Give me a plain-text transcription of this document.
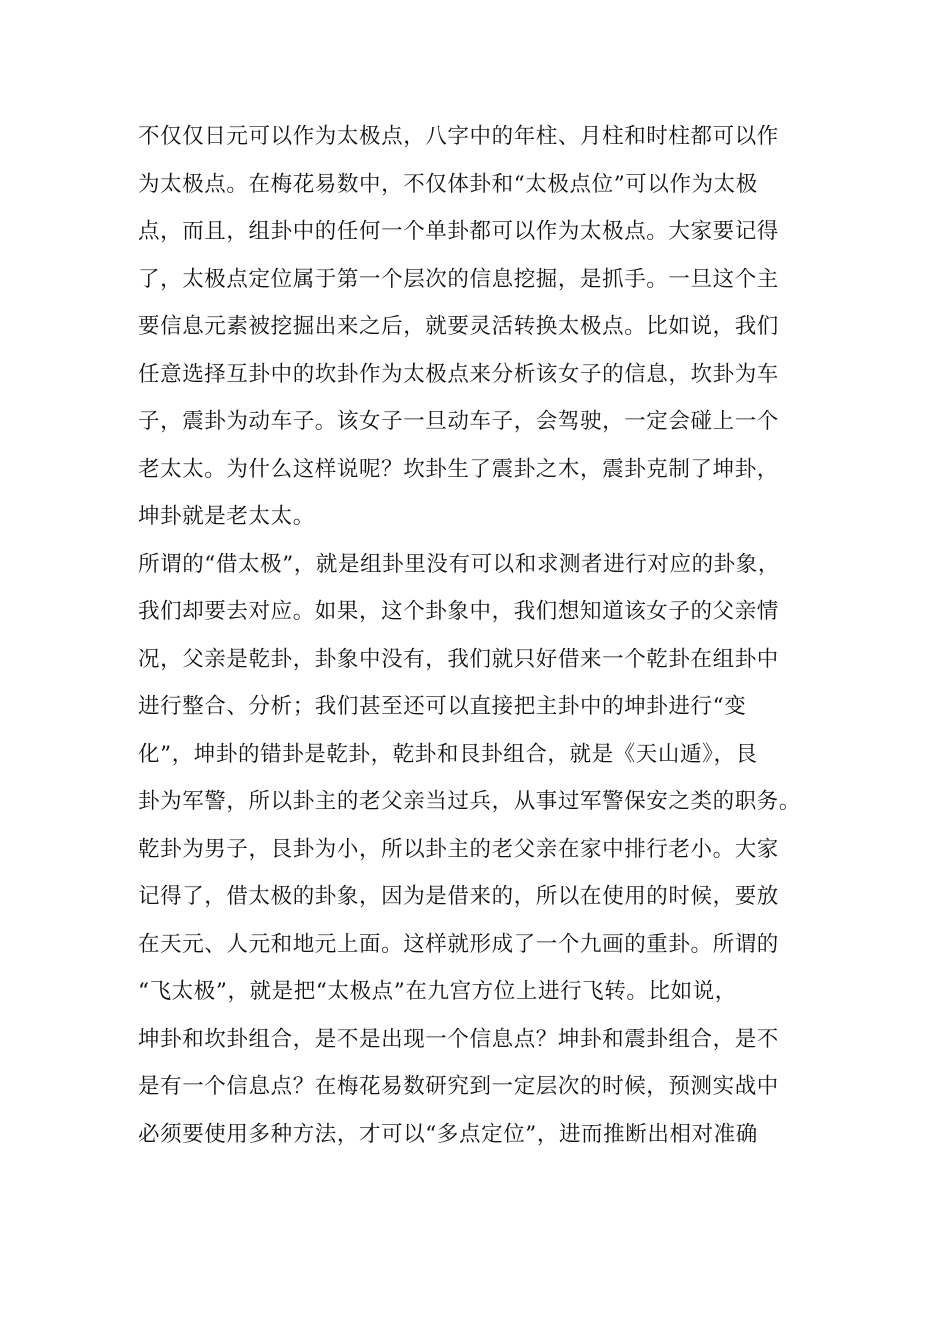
不仅仅日元可以作为太极点，八字中的年柱、月柱和时柱都可以作
为太极点。在梅花易数中，不仅体卦和“太极点位”可以作为太极
点，而且，组卦中的任何一个单卦都可以作为太极点。大家要记得
了，太极点定位属于第一个层次的信息挖掘，是抓手。一旦这个主
要信息元素被挖掘出来之后，就要灵活转换太极点。比如说，我们
任意选择互卦中的坎卦作为太极点来分析该女子的信息，坎卦为车
子，震卦为动车子。该女子一旦动车子，会驾驶，一定会碰上一个
老太太。为什么这样说呢？坎卦生了震卦之木，震卦克制了坤卦，
坤卦就是老太太。
所谓的“借太极”，就是组卦里没有可以和求测者进行对应的卦象，
我们却要去对应。如果，这个卦象中，我们想知道该女子的父亲情
况，父亲是乾卦，卦象中没有，我们就只好借来一个乾卦在组卦中
进行整合、分析；我们甚至还可以直接把主卦中的坤卦进行“变
化”，坤卦的错卦是乾卦，乾卦和艮卦组合，就是《天山遁》，艮
卦为军警，所以卦主的老父亲当过兵，从事过军警保安之类的职务。
乾卦为男子，艮卦为小，所以卦主的老父亲在家中排行老小。大家
记得了，借太极的卦象，因为是借来的，所以在使用的时候，要放
在天元、人元和地元上面。这样就形成了一个九画的重卦。所谓的
“飞太极”，就是把“太极点”在九宫方位上进行飞转。比如说，
坤卦和坎卦组合，是不是出现一个信息点？坤卦和震卦组合，是不
是有一个信息点？在梅花易数研究到一定层次的时候，预测实战中
必须要使用多种方法，才可以“多点定位”，进而推断出相对准确
